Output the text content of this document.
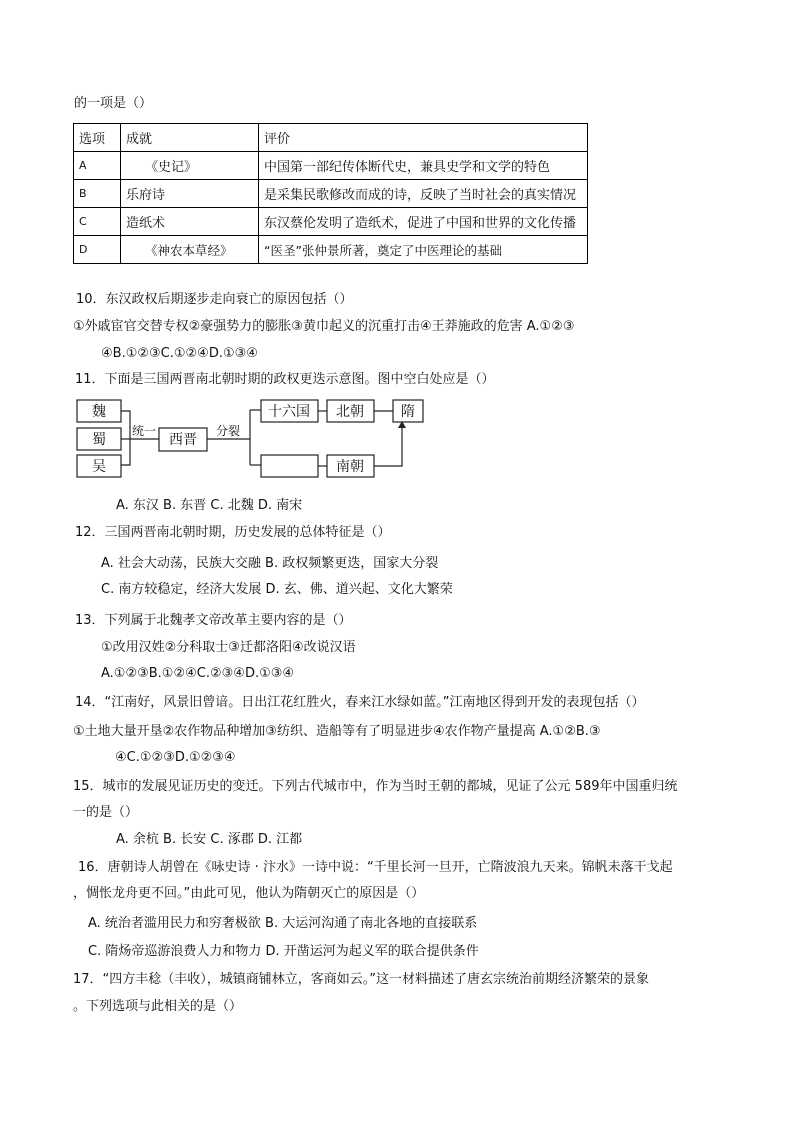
的一项是（）
选项	成就	评价
A	《史记》	中国第一部纪传体断代史，兼具史学和文学的特色
B	乐府诗	是采集民歌修改而成的诗，反映了当时社会的真实情况
C	造纸术	东汉蔡伦发明了造纸术，促进了中国和世界的文化传播
D	《神农本草经》	“医圣”张仲景所著，奠定了中医理论的基础
10．东汉政权后期逐步走向衰亡的原因包括（）
①外戚宦官交替专权②豪强势力的膨胀③黄巾起义的沉重打击④王莽施政的危害 A.①②③
④B.①②③C.①②④D.①③④
11．下面是三国两晋南北朝时期的政权更迭示意图。图中空白处应是（）
魏
蜀
吴
西晋
十六国 北朝	隋
南朝
统一	分裂
A. 东汉 B. 东晋 C. 北魏 D. 南宋
12．三国两晋南北朝时期，历史发展的总体特征是（）
A. 社会大动荡，民族大交融 B. 政权频繁更迭，国家大分裂
C. 南方较稳定，经济大发展 D. 玄、佛、道兴起、文化大繁荣
13．下列属于北魏孝文帝改革主要内容的是（）
①改用汉姓②分科取士③迁都洛阳④改说汉语
A.①②③B.①②④C.②③④D.①③④
14．“江南好，风景旧曾谙。日出江花红胜火，春来江水绿如蓝。”江南地区得到开发的表现包括（）
①土地大量开垦②农作物品种增加③纺织、造船等有了明显进步④农作物产量提高 A.①②B.③
④C.①②③D.①②③④
15．城市的发展见证历史的变迁。下列古代城市中，作为当时王朝的都城，见证了公元 589年中国重归统
一的是（）
A. 余杭 B. 长安 C. 涿郡 D. 江都
16．唐朝诗人胡曾在《咏史诗 · 汴水》一诗中说：“千里长河一旦开，亡隋波浪九天来。锦帆未落干戈起
，惆怅龙舟更不回。”由此可见，他认为隋朝灭亡的原因是（）
A. 统治者滥用民力和穷奢极欲 B. 大运河沟通了南北各地的直接联系
C. 隋炀帝巡游浪费人力和物力 D. 开凿运河为起义军的联合提供条件
17．“四方丰稔（丰收），城镇商铺林立，客商如云。”这一材料描述了唐玄宗统治前期经济繁荣的景象
。下列选项与此相关的是（）
